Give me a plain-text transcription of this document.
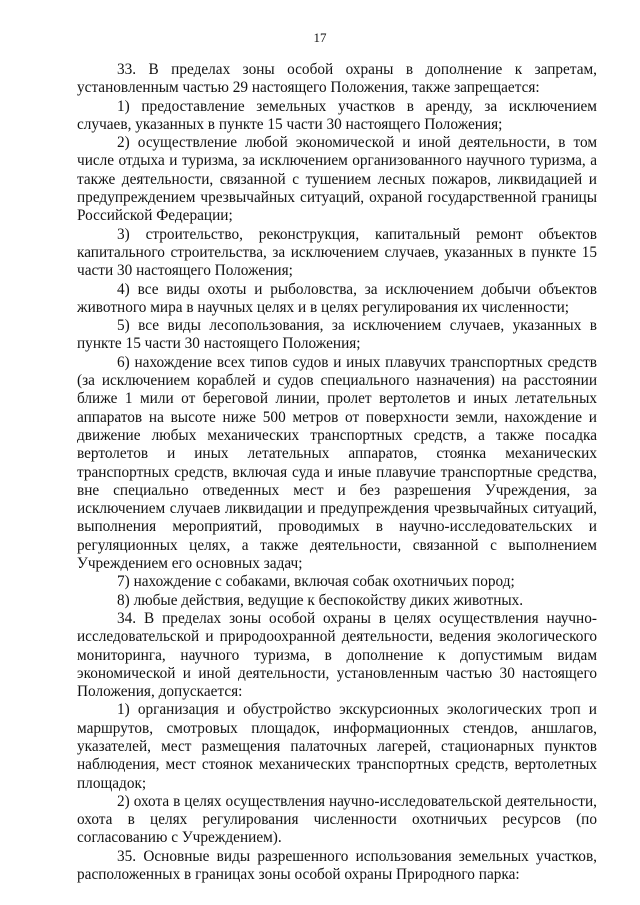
17

33. В пределах зоны особой охраны в дополнение к запретам, установленным частью 29 настоящего Положения, также запрещается:

1) предоставление земельных участков в аренду, за исключением случаев, указанных в пункте 15 части 30 настоящего Положения;

2) осуществление любой экономической и иной деятельности, в том числе отдыха и туризма, за исключением организованного научного туризма, а также деятельности, связанной с тушением лесных пожаров, ликвидацией и предупреждением чрезвычайных ситуаций, охраной государственной границы Российской Федерации;

3) строительство, реконструкция, капитальный ремонт объектов капитального строительства, за исключением случаев, указанных в пункте 15 части 30 настоящего Положения;

4) все виды охоты и рыболовства, за исключением добычи объектов животного мира в научных целях и в целях регулирования их численности;

5) все виды лесопользования, за исключением случаев, указанных в пункте 15 части 30 настоящего Положения;

6) нахождение всех типов судов и иных плавучих транспортных средств (за исключением кораблей и судов специального назначения) на расстоянии ближе 1 мили от береговой линии, пролет вертолетов и иных летательных аппаратов на высоте ниже 500 метров от поверхности земли, нахождение и движение любых механических транспортных средств, а также посадка вертолетов и иных летательных аппаратов, стоянка механических транспортных средств, включая суда и иные плавучие транспортные средства, вне специально отведенных мест и без разрешения Учреждения, за исключением случаев ликвидации и предупреждения чрезвычайных ситуаций, выполнения мероприятий, проводимых в научно-исследовательских и регуляционных целях, а также деятельности, связанной с выполнением Учреждением его основных задач;

7) нахождение с собаками, включая собак охотничьих пород;

8) любые действия, ведущие к беспокойству диких животных.

34. В пределах зоны особой охраны в целях осуществления научно-исследовательской и природоохранной деятельности, ведения экологического мониторинга, научного туризма, в дополнение к допустимым видам экономической и иной деятельности, установленным частью 30 настоящего Положения, допускается:

1) организация и обустройство экскурсионных экологических троп и маршрутов, смотровых площадок, информационных стендов, аншлагов, указателей, мест размещения палаточных лагерей, стационарных пунктов наблюдения, мест стоянок механических транспортных средств, вертолетных площадок;

2) охота в целях осуществления научно-исследовательской деятельности, охота в целях регулирования численности охотничьих ресурсов (по согласованию с Учреждением).

35. Основные виды разрешенного использования земельных участков, расположенных в границах зоны особой охраны Природного парка:
